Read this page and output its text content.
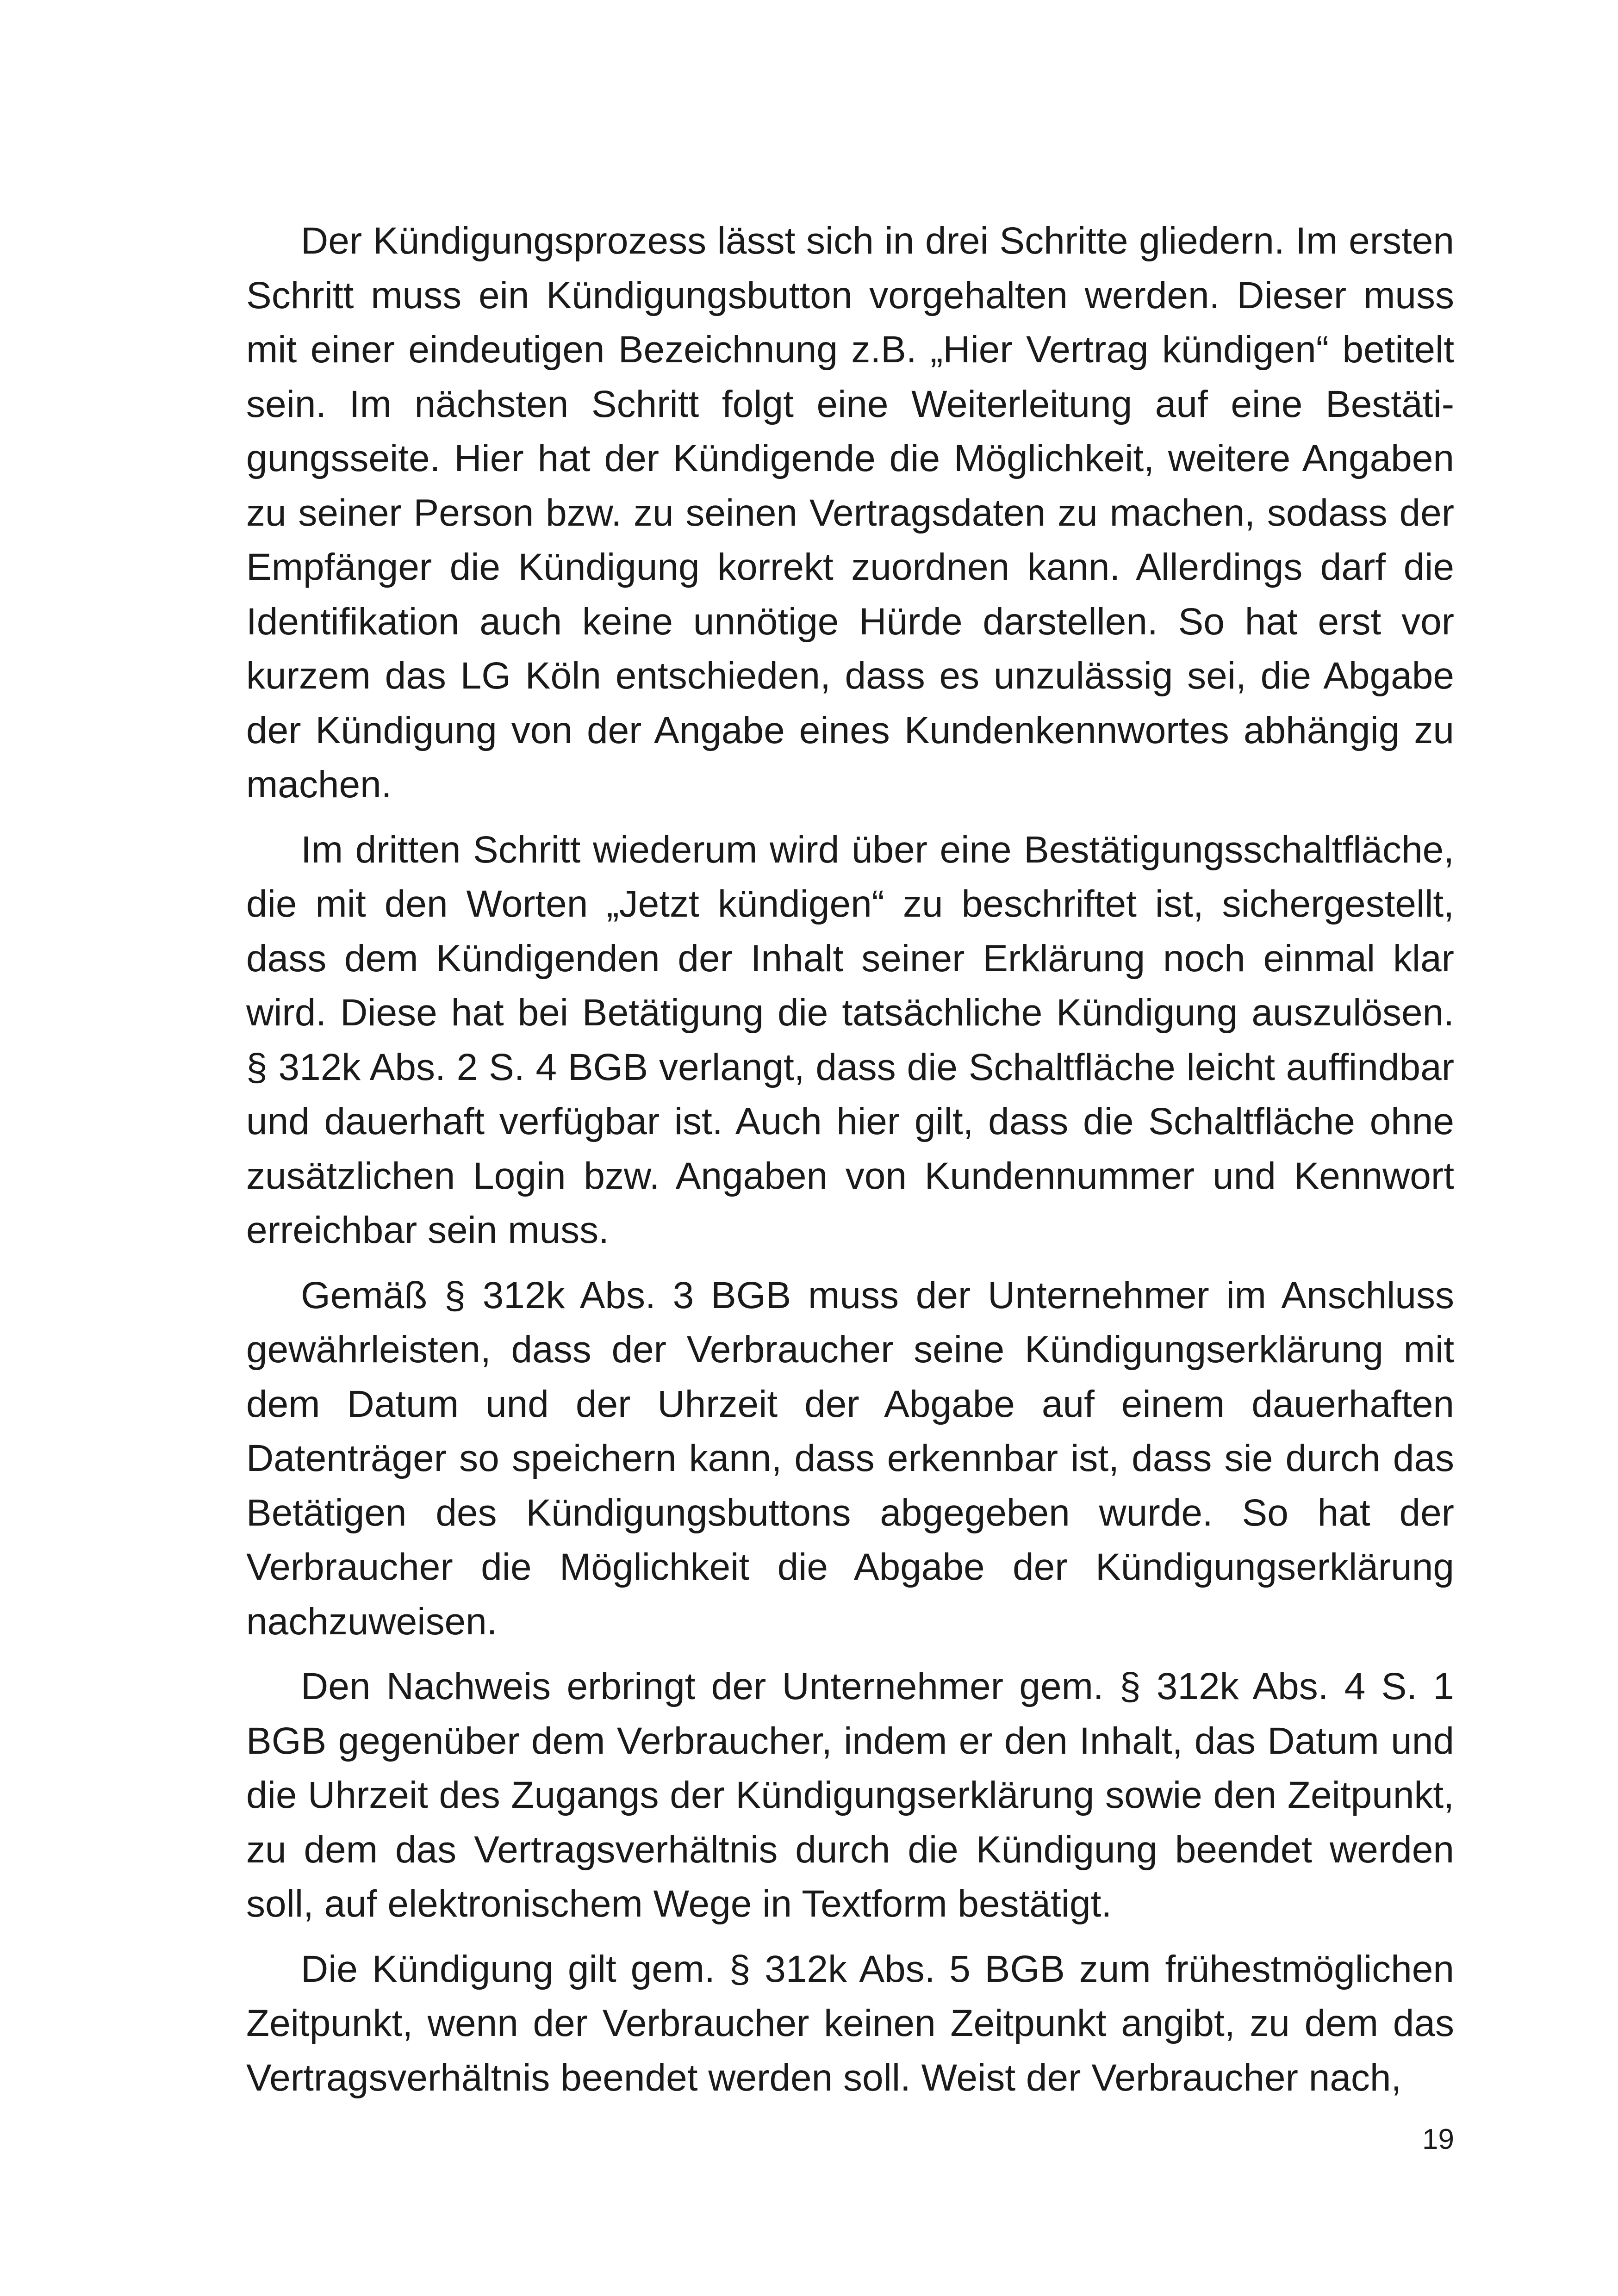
Der Kündigungsprozess lässt sich in drei Schritte gliedern. Im ersten Schritt muss ein Kündigungsbutton vorgehalten werden. Dieser muss mit einer eindeutigen Bezeichnung z.B. „Hier Vertrag kündigen“ betitelt sein. Im nächsten Schritt folgt eine Weiterleitung auf eine Bestätigungsseite. Hier hat der Kündigende die Möglichkeit, weitere Angaben zu seiner Person bzw. zu seinen Vertragsdaten zu machen, sodass der Empfänger die Kündigung korrekt zuordnen kann. Allerdings darf die Identifikation auch keine unnötige Hürde darstellen. So hat erst vor kurzem das LG Köln entschieden, dass es unzulässig sei, die Abgabe der Kündigung von der Angabe eines Kundenkennwortes abhängig zu machen.

Im dritten Schritt wiederum wird über eine Bestätigungsschaltfläche, die mit den Worten „Jetzt kündigen“ zu beschriftet ist, sichergestellt, dass dem Kündigenden der Inhalt seiner Erklärung noch einmal klar wird. Diese hat bei Betätigung die tatsächliche Kündigung auszulösen. § 312k Abs. 2 S. 4 BGB verlangt, dass die Schaltfläche leicht auffindbar und dauerhaft verfügbar ist. Auch hier gilt, dass die Schaltfläche ohne zusätzlichen Login bzw. Angaben von Kundennummer und Kennwort erreichbar sein muss.

Gemäß § 312k Abs. 3 BGB muss der Unternehmer im Anschluss gewährleisten, dass der Verbraucher seine Kündigungserklärung mit dem Datum und der Uhrzeit der Abgabe auf einem dauerhaften Datenträger so speichern kann, dass erkennbar ist, dass sie durch das Betätigen des Kündigungsbuttons abgegeben wurde. So hat der Verbraucher die Möglichkeit die Abgabe der Kündigungserklärung nachzuweisen.

Den Nachweis erbringt der Unternehmer gem. § 312k Abs. 4 S. 1 BGB gegenüber dem Verbraucher, indem er den Inhalt, das Datum und die Uhrzeit des Zugangs der Kündigungserklärung sowie den Zeitpunkt, zu dem das Vertragsverhältnis durch die Kündigung beendet werden soll, auf elektronischem Wege in Textform bestätigt.

Die Kündigung gilt gem. § 312k Abs. 5 BGB zum frühestmöglichen Zeitpunkt, wenn der Verbraucher keinen Zeitpunkt angibt, zu dem das Vertragsverhältnis beendet werden soll. Weist der Verbraucher nach,

19
